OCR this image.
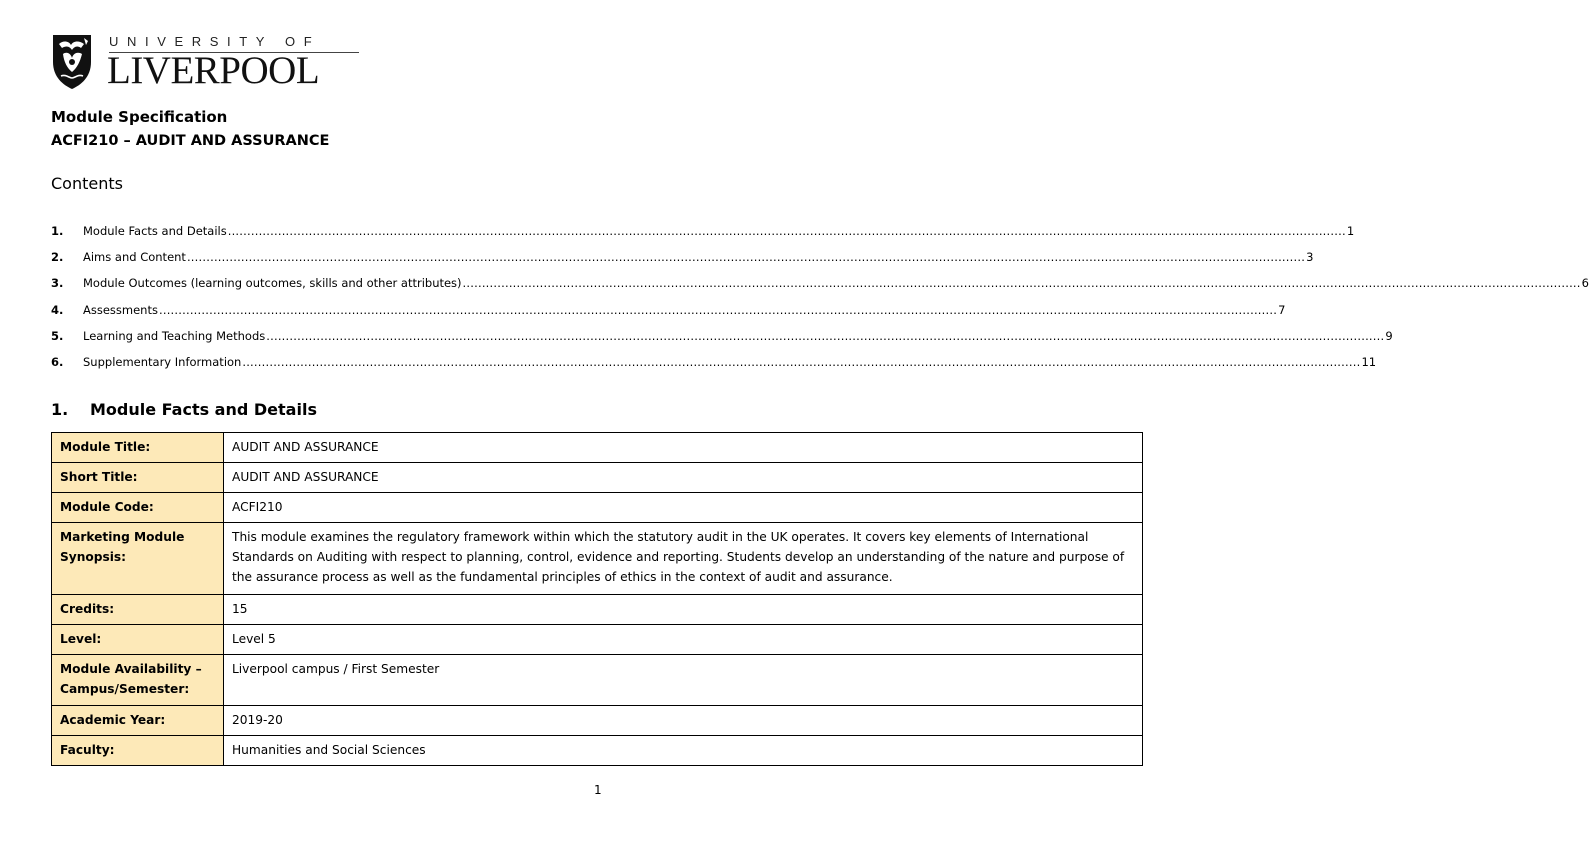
UNIVERSITY OF
LIVERPOOL
Module Specification
ACFI210 – AUDIT AND ASSURANCE
Contents
1.	Module Facts and Details .................................................................................................................................................................................................................................................................................................. 1
2.	Aims and Content .................................................................................................................................................................................................................................................................................................. 3
3.	Module Outcomes (learning outcomes, skills and other attributes) .................................................................................................................................................................................................................................................................................................. 6
4.	Assessments .................................................................................................................................................................................................................................................................................................. 7
5.	Learning and Teaching Methods .................................................................................................................................................................................................................................................................................................. 9
6.	Supplementary Information .................................................................................................................................................................................................................................................................................................. 11
1. Module Facts and Details
Module Title:	AUDIT AND ASSURANCE
Short Title:	AUDIT AND ASSURANCE
Module Code:	ACFI210
Marketing Module Synopsis:	This module examines the regulatory framework within which the statutory audit in the UK operates. It covers key elements of International Standards on Auditing with respect to planning, control, evidence and reporting. Students develop an understanding of the nature and purpose of the assurance process as well as the fundamental principles of ethics in the context of audit and assurance.
Credits:	15
Level:	Level 5
Module Availability – Campus/Semester:	Liverpool campus / First Semester
Academic Year:	2019-20
Faculty:	Humanities and Social Sciences
1
